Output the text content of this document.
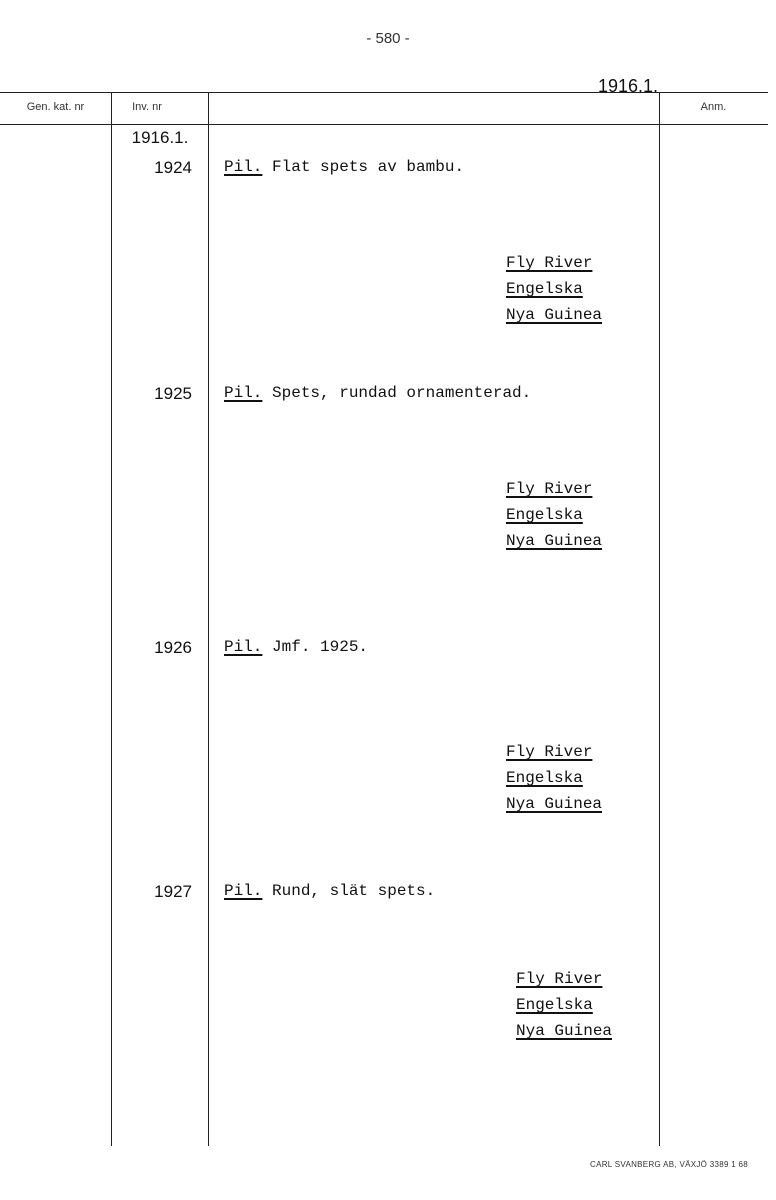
- 580 -
1916.1.
Gen. kat. nr	Inv. nr	Anm.
1916.1.
1924 Pil. Flat spets av bambu.
Fly River
Engelska
Nya Guinea
1925 Pil. Spets, rundad ornamenterad.
Fly River
Engelska
Nya Guinea
1926 Pil. Jmf. 1925.
Fly River
Engelska
Nya Guinea
1927 Pil. Rund, slät spets.
Fly River
Engelska
Nya Guinea
CARL SVANBERG AB, VÄXJÖ 3389 1 68
